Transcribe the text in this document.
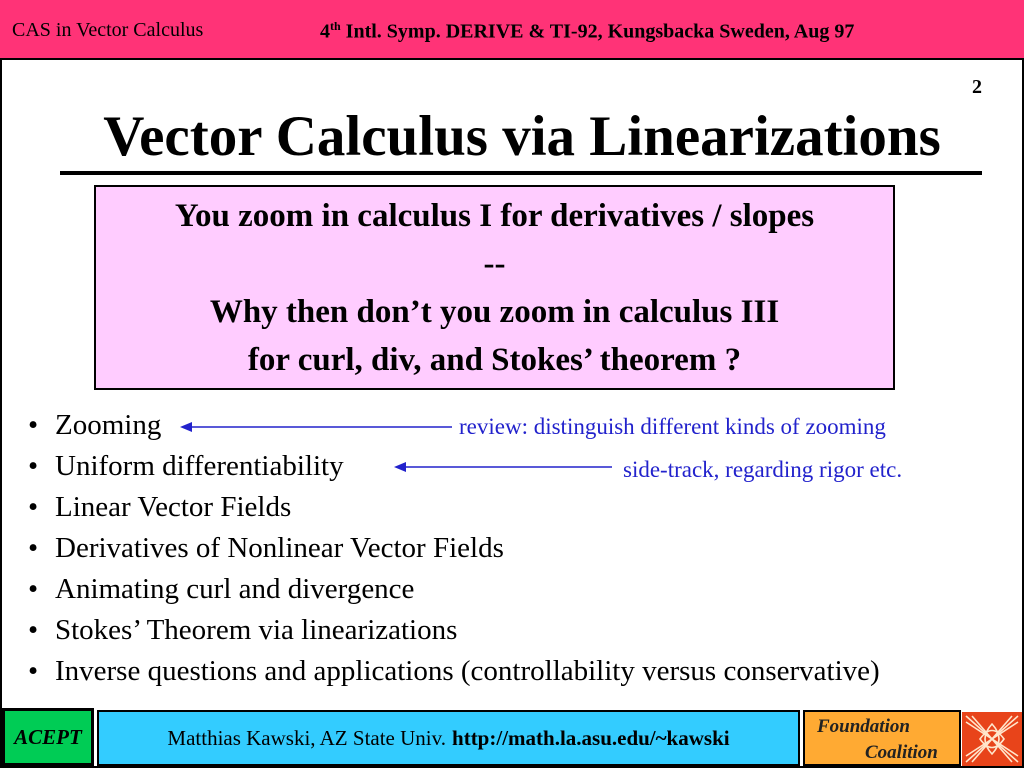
CAS in Vector Calculus	4th Intl. Symp. DERIVE & TI-92, Kungsbacka Sweden, Aug 97
2
Vector Calculus via Linearizations
You zoom in calculus I for derivatives / slopes
--
Why then don’t you zoom in calculus III
for curl, div, and Stokes’ theorem ?
• Zooming
• Uniform differentiability
• Linear Vector Fields
• Derivatives of Nonlinear Vector Fields
• Animating curl and divergence
• Stokes’ Theorem via linearizations
• Inverse questions and applications (controllability versus conservative)
review: distinguish different kinds of zooming
side-track, regarding rigor etc.
ACEPT	Matthias Kawski, AZ State Univ. http://math.la.asu.edu/~kawski	Foundation
Coalition
